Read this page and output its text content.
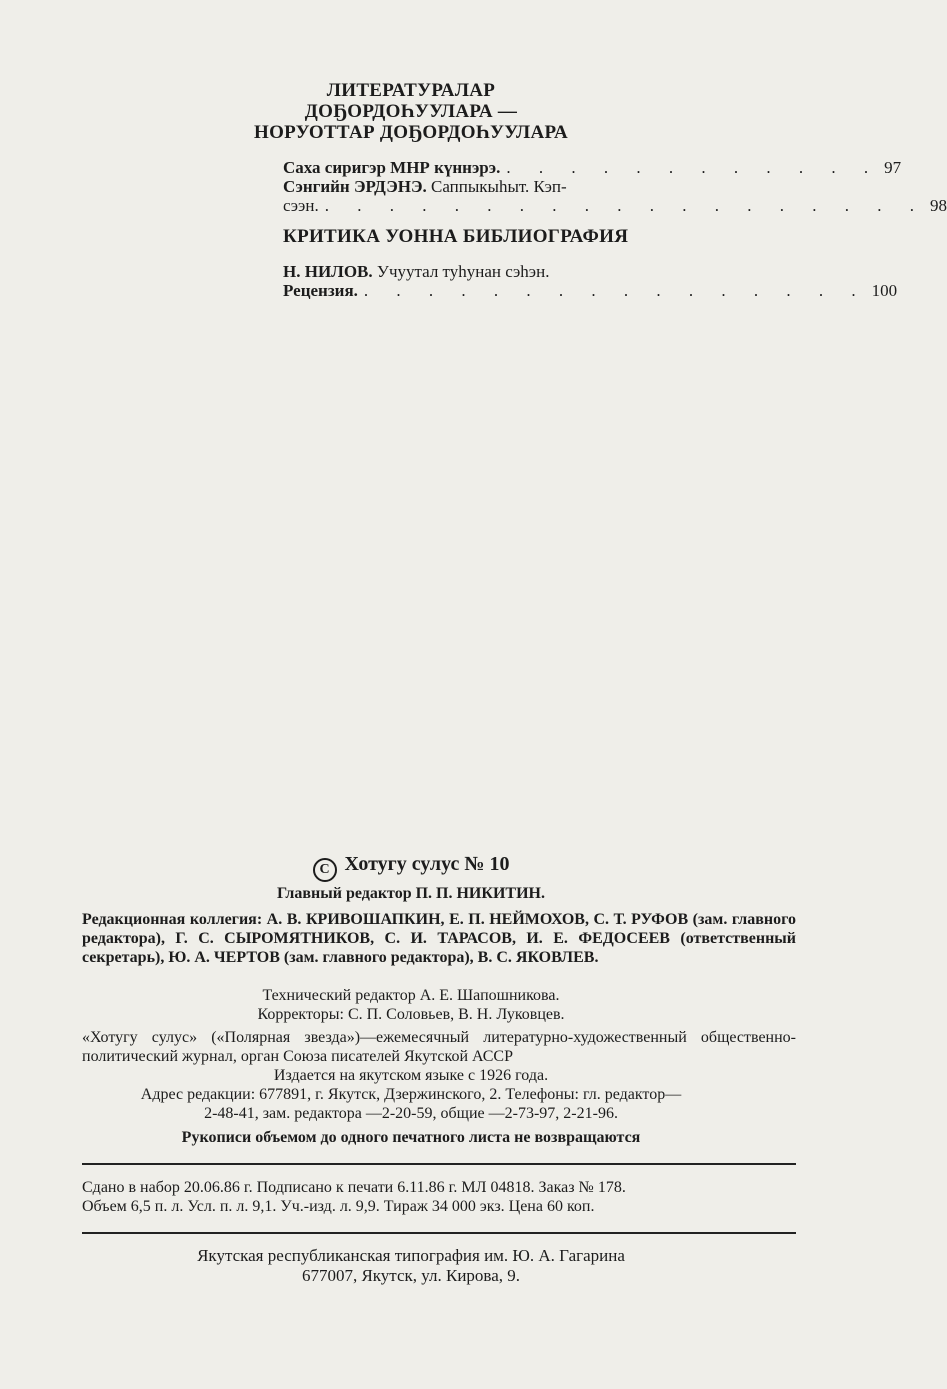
ЛИТЕРАТУРАЛАР
ДОҔОРДОҺУУЛАРА —
НОРУОТТАР ДОҔОРДОҺУУЛАРА
Саха сиригэр МНР күннэрэ. . . . . . . . . . . . . 97
Сэнгийн ЭРДЭНЭ. Саппыкыһыт. Кэп-
сээн. . . . . . . . . . . . . . . . . . . . 98
КРИТИКА УОННА БИБЛИОГРАФИЯ
Н. НИЛОВ. Учуутал туһунан сэһэн.
Рецензия. . . . . . . . . . . . . . . . . 100
C Хотугу сулус № 10
Главный редактор П. П. НИКИТИН.
Редакционная коллегия: А. В. КРИВОШАПКИН, Е. П. НЕЙМОХОВ, С. Т. РУФОВ (зам. главного редактора), Г. С. СЫРОМЯТНИКОВ, С. И. ТАРАСОВ, И. Е. ФЕДОСЕЕВ (ответственный секретарь), Ю. А. ЧЕРТОВ (зам. главного редактора), В. С. ЯКОВЛЕВ.
Технический редактор А. Е. Шапошникова.
Корректоры: С. П. Соловьев, В. Н. Луковцев.
«Хотугу сулус» («Полярная звезда»)—ежемесячный литературно-художественный общественно-политический журнал, орган Союза писателей Якутской АССР
Издается на якутском языке с 1926 года.
Адрес редакции: 677891, г. Якутск, Дзержинского, 2. Телефоны: гл. редактор—
2-48-41, зам. редактора —2-20-59, общие —2-73-97, 2-21-96.
Рукописи объемом до одного печатного листа не возвращаются
Сдано в набор 20.06.86 г. Подписано к печати 6.11.86 г. МЛ 04818. Заказ № 178.
Объем 6,5 п. л. Усл. п. л. 9,1. Уч.-изд. л. 9,9. Тираж 34 000 экз. Цена 60 коп.
Якутская республиканская типография им. Ю. А. Гагарина
677007, Якутск, ул. Кирова, 9.
